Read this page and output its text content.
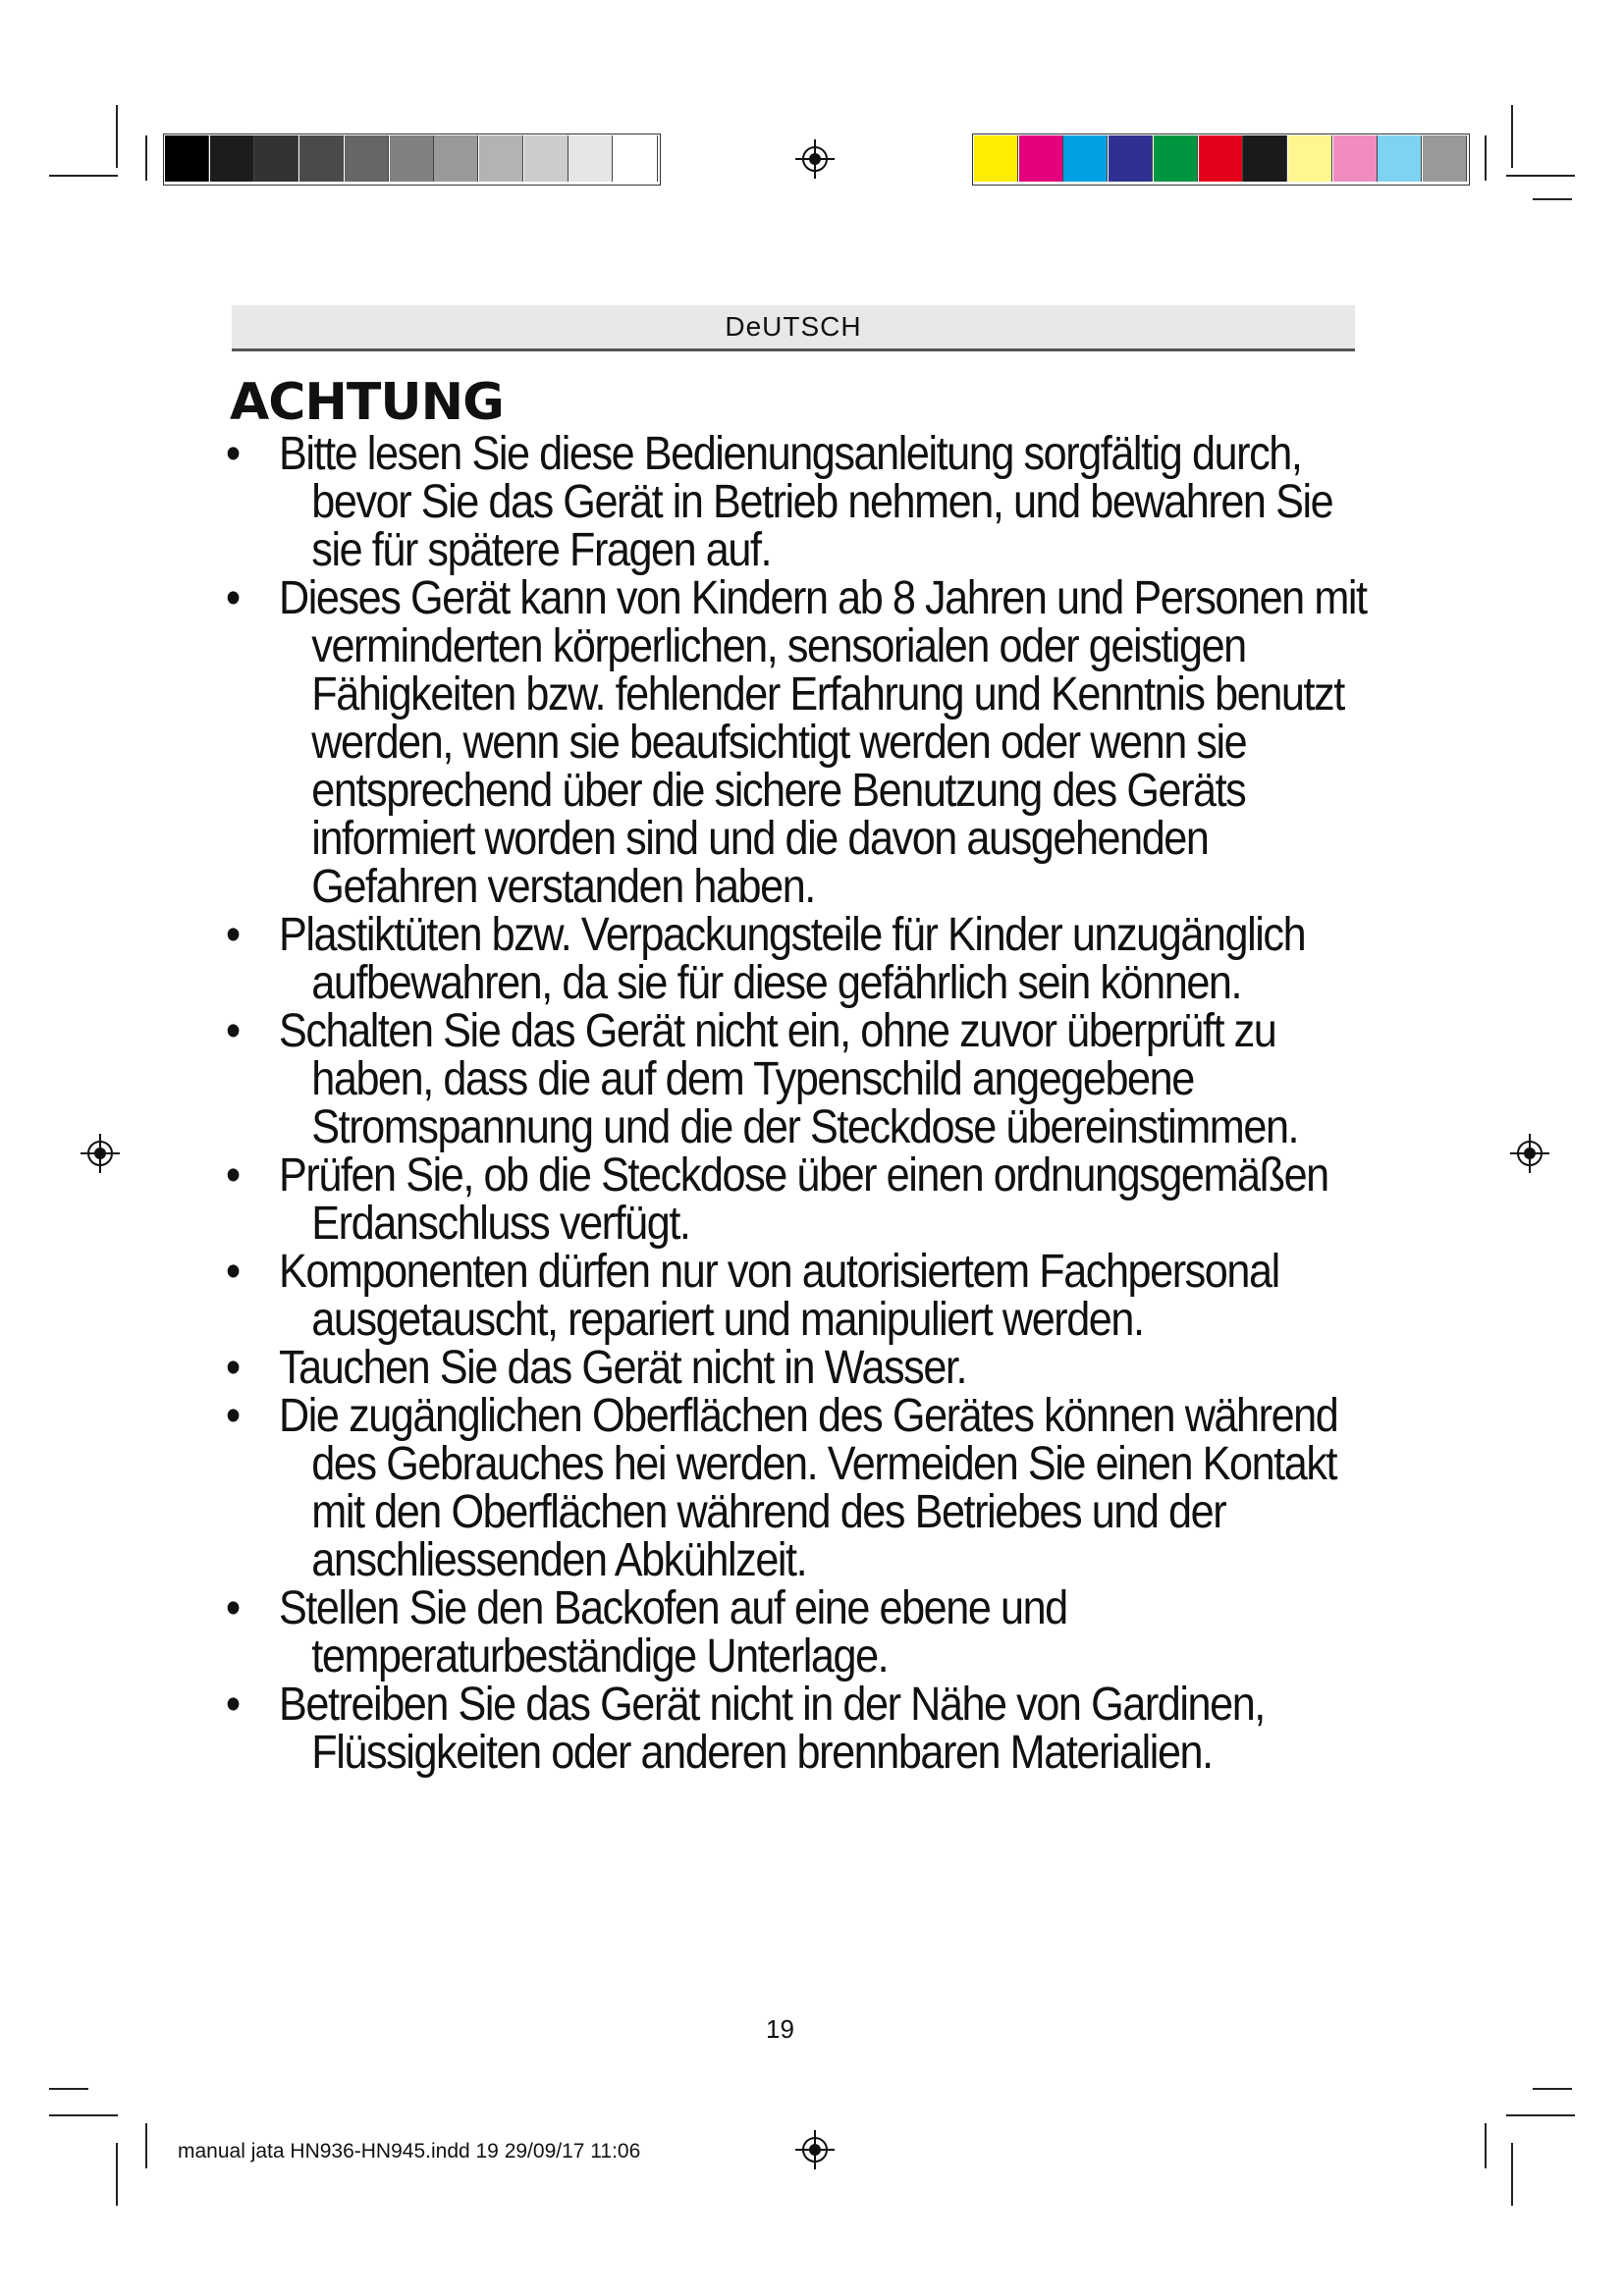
DeUTSCH
ACHTUNG
• Bitte lesen Sie diese Bedienungsanleitung sorgfältig durch, bevor Sie das Gerät in Betrieb nehmen, und bewahren Sie sie für spätere Fragen auf.
• Dieses Gerät kann von Kindern ab 8 Jahren und Personen mit verminderten körperlichen, sensorialen oder geistigen Fähigkeiten bzw. fehlender Erfahrung und Kenntnis benutzt werden, wenn sie beaufsichtigt werden oder wenn sie entsprechend über die sichere Benutzung des Geräts informiert worden sind und die davon ausgehenden Gefahren verstanden haben.
• Plastiktüten bzw. Verpackungsteile für Kinder unzugänglich aufbewahren, da sie für diese gefährlich sein können.
• Schalten Sie das Gerät nicht ein, ohne zuvor überprüft zu haben, dass die auf dem Typenschild angegebene Stromspannung und die der Steckdose übereinstimmen.
• Prüfen Sie, ob die Steckdose über einen ordnungsgemäßen Erdanschluss verfügt.
• Komponenten dürfen nur von autorisiertem Fachpersonal ausgetauscht, repariert und manipuliert werden.
• Tauchen Sie das Gerät nicht in Wasser.
• Die zugänglichen Oberflächen des Gerätes können während des Gebrauches hei werden. Vermeiden Sie einen Kontakt mit den Oberflächen während des Betriebes und der anschliessenden Abkühlzeit.
• Stellen Sie den Backofen auf eine ebene und temperaturbeständige Unterlage.
• Betreiben Sie das Gerät nicht in der Nähe von Gardinen, Flüssigkeiten oder anderen brennbaren Materialien.
19
manual jata HN936-HN945.indd 19 29/09/17 11:06
